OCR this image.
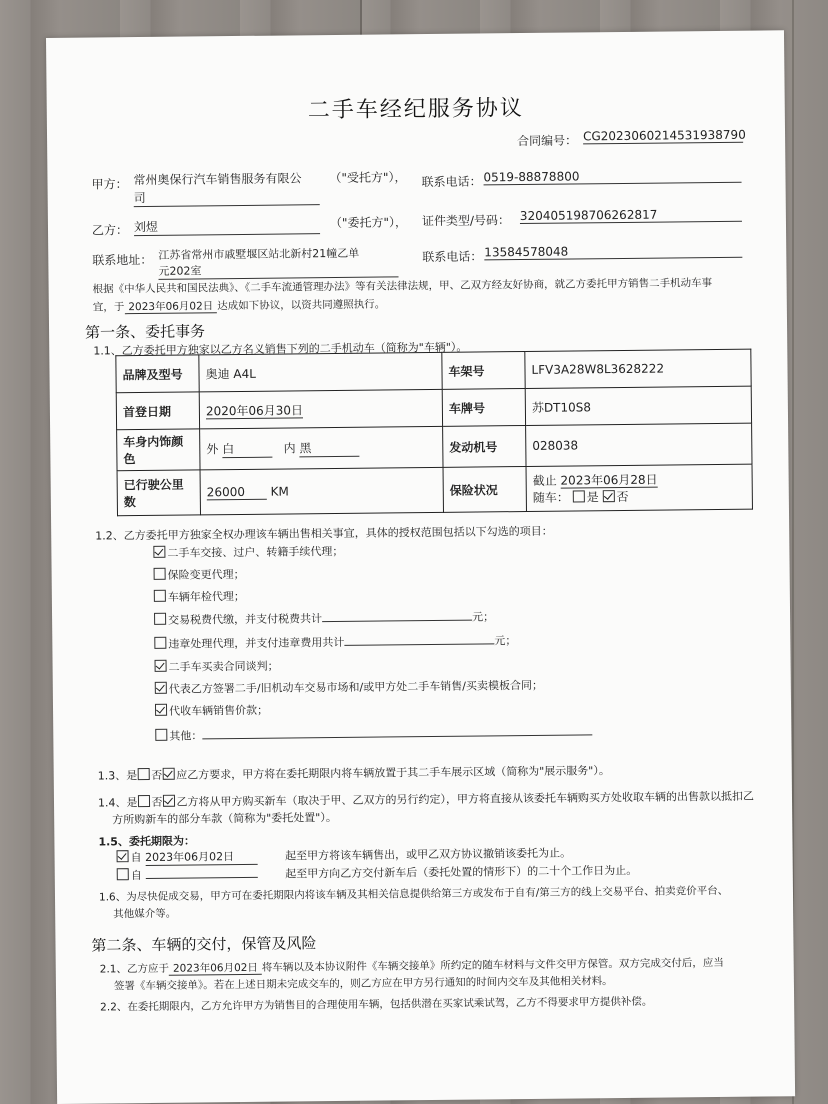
二手车经纪服务协议
合同编号： CG2023060214531938790
甲方： 常州奥保行汽车销售服务有限公
司
（"受托方"）， 联系电话： 0519-88878800
乙方： 刘煜	（"委托方"）， 证件类型/号码： 320405198706262817
联系地址： 江苏省常州市戚墅堰区站北新村21幢乙单
元202室
联系电话： 13584578048
根据《中华人民共和国民法典》、《二手车流通管理办法》等有关法律法规，甲、乙双方经友好协商，就乙方委托甲方销售二手机动车事
宜，于 2023年06月02日 达成如下协议，以资共同遵照执行。
第一条、委托事务
1.1、乙方委托甲方独家以乙方名义销售下列的二手机动车（简称为"车辆"）。
品牌及型号	奥迪 A4L	车架号	LFV3A28W8L3628222
首登日期	2020年06月30日	车牌号	苏DT10S8
车身内饰颜色	外 白 内 黑	发动机号	028038
已行驶公里数	26000 KM	保险状况	截止 2023年06月28日
随车： 是 否
1.2、乙方委托甲方独家全权办理该车辆出售相关事宜，具体的授权范围包括以下勾选的项目：
二手车交接、过户、转籍手续代理；
保险变更代理；
车辆年检代理；
交易税费代缴，并支付税费共计	元；
违章处理代理，并支付违章费用共计	元；
二手车买卖合同谈判；
代表乙方签署二手/旧机动车交易市场和/或甲方处二手车销售/买卖模板合同；
代收车辆销售价款；
其他：
1.3、是 否 应乙方要求，甲方将在委托期限内将车辆放置于其二手车展示区域（简称为"展示服务"）。
1.4、是 否 乙方将从甲方购买新车（取决于甲、乙双方的另行约定），甲方将直接从该委托车辆购买方处收取车辆的出售款以抵扣乙
方所购新车的部分车款（简称为"委托处置"）。
1.5、委托期限为：
自 2023年06月02日	起至甲方将该车辆售出，或甲乙双方协议撤销该委托为止。
自	起至甲方向乙方交付新车后（委托处置的情形下）的二十个工作日为止。
1.6、为尽快促成交易，甲方可在委托期限内将该车辆及其相关信息提供给第三方或发布于自有/第三方的线上交易平台、拍卖竞价平台、
其他媒介等。
第二条、车辆的交付，保管及风险
2.1、乙方应于 2023年06月02日 将车辆以及本协议附件《车辆交接单》所约定的随车材料与文件交甲方保管。双方完成交付后，应当
签署《车辆交接单》。若在上述日期未完成交车的，则乙方应在甲方另行通知的时间内交车及其他相关材料。
2.2、在委托期限内，乙方允许甲方为销售目的合理使用车辆，包括供潜在买家试乘试驾，乙方不得要求甲方提供补偿。
